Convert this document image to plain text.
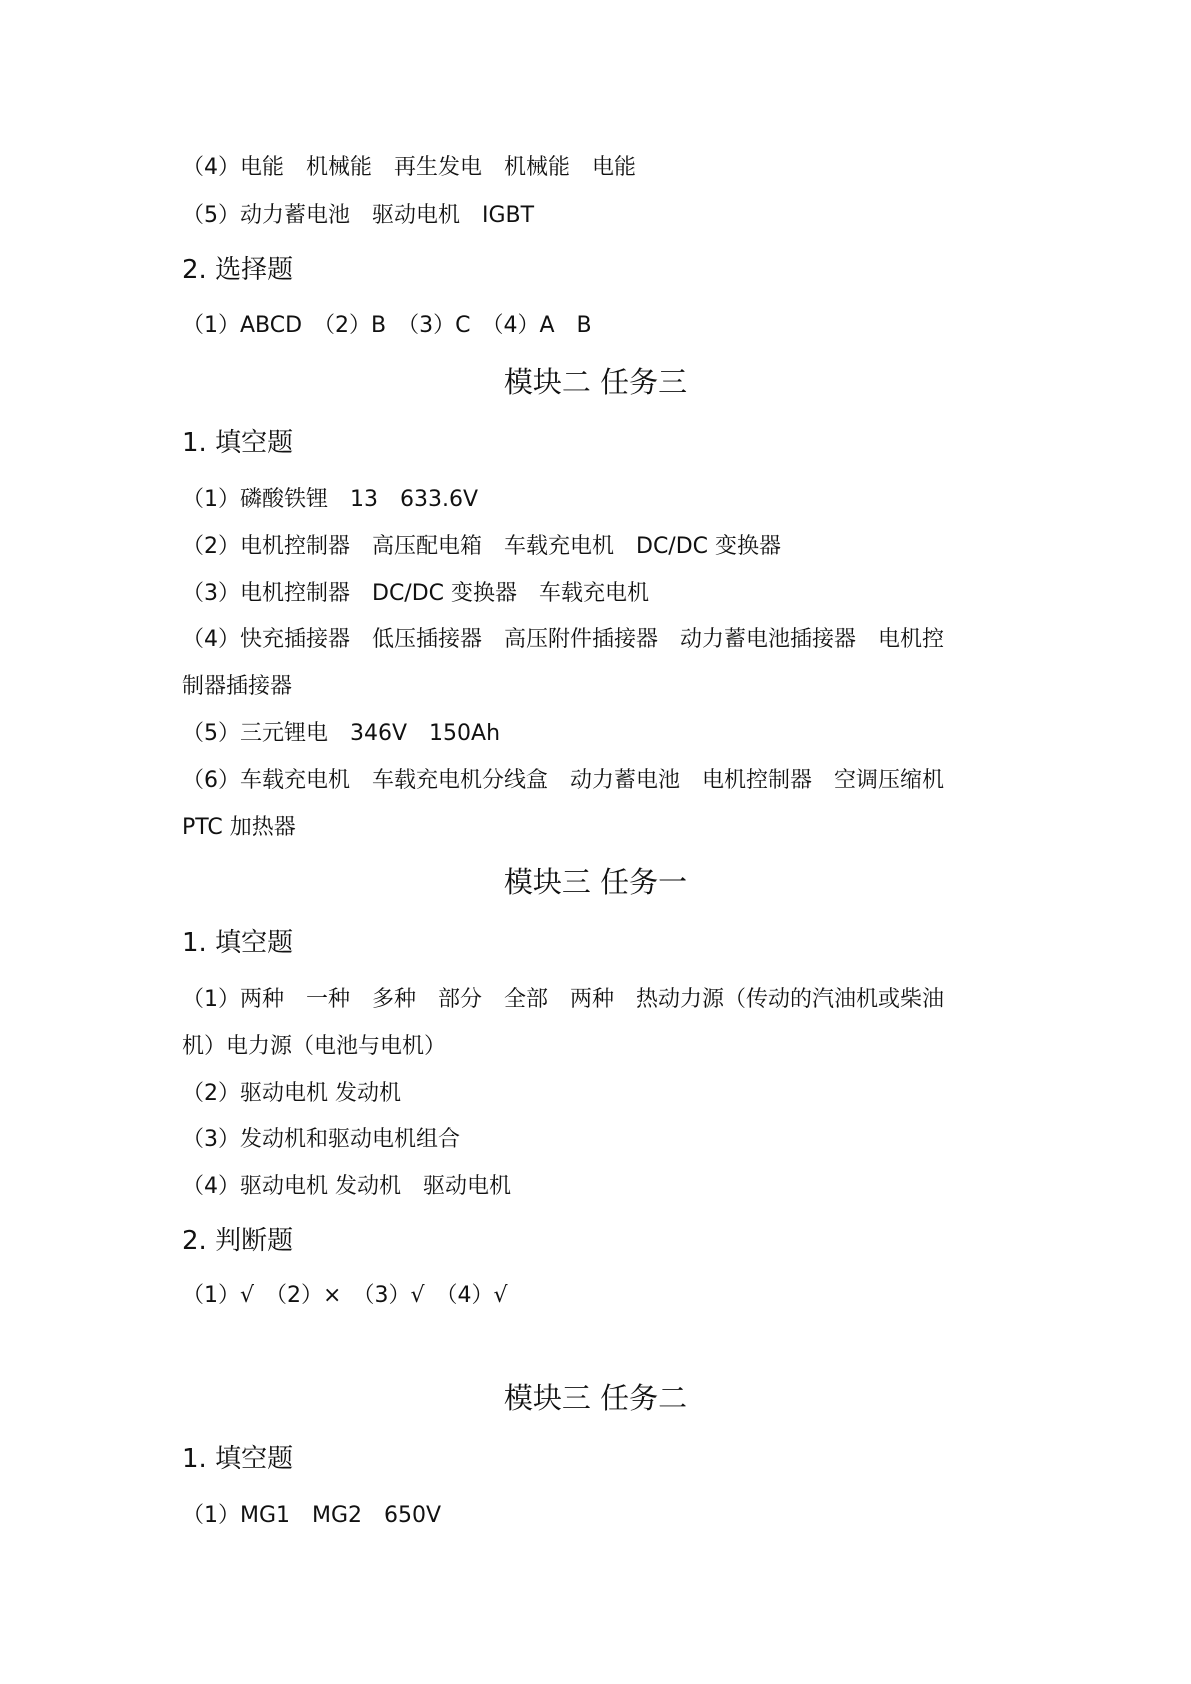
（4）电能　机械能　再生发电　机械能　电能
（5）动力蓄电池　驱动电机　IGBT
2. 选择题
（1）ABCD　（2）B　（3）C　（4）A　B
模块二 任务三
1. 填空题
（1）磷酸铁锂　13　633.6V
（2）电机控制器　高压配电箱　车载充电机　DC/DC 变换器
（3）电机控制器　DC/DC 变换器　车载充电机
（4）快充插接器　低压插接器　高压附件插接器　动力蓄电池插接器　电机控
制器插接器
（5）三元锂电　346V　150Ah
（6）车载充电机　车载充电机分线盒　动力蓄电池　电机控制器　空调压缩机
PTC 加热器
模块三 任务一
1. 填空题
（1）两种　一种　多种　部分　全部　两种　热动力源（传动的汽油机或柴油
机）电力源（电池与电机）
（2）驱动电机 发动机
（3）发动机和驱动电机组合
（4）驱动电机 发动机　驱动电机
2. 判断题
（1）√　（2）×　（3）√　（4）√
模块三 任务二
1. 填空题
（1）MG1　MG2　650V
